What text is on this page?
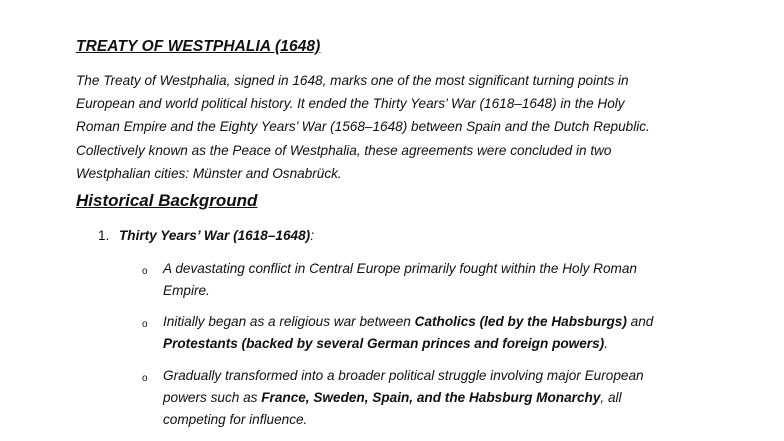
TREATY OF WESTPHALIA (1648)
The Treaty of Westphalia, signed in 1648, marks one of the most significant turning points in
European and world political history. It ended the Thirty Years’ War (1618–1648) in the Holy
Roman Empire and the Eighty Years’ War (1568–1648) between Spain and the Dutch Republic.
Collectively known as the Peace of Westphalia, these agreements were concluded in two
Westphalian cities: Münster and Osnabrück.
Historical Background
1. Thirty Years’ War (1618–1648):
o A devastating conflict in Central Europe primarily fought within the Holy Roman
Empire.
o Initially began as a religious war between Catholics (led by the Habsburgs) and
Protestants (backed by several German princes and foreign powers).
o Gradually transformed into a broader political struggle involving major European
powers such as France, Sweden, Spain, and the Habsburg Monarchy, all
competing for influence.
